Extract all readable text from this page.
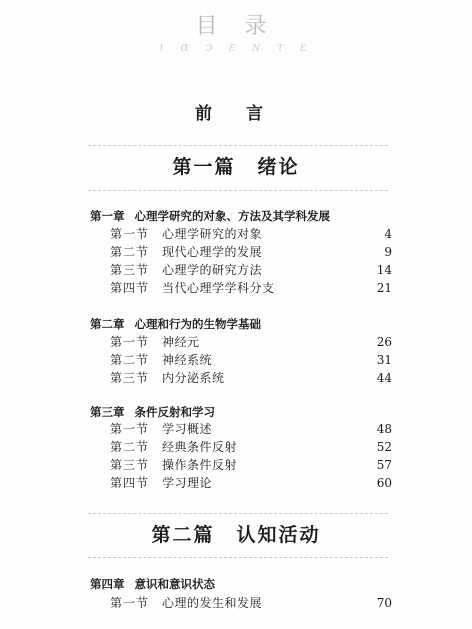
目 录
ι ɑ ɔ ε ɴ τ ε
前 言
第一篇 绪论
第一章 心理学研究的对象、方法及其学科发展
第一节 心理学研究的对象	4
第二节 现代心理学的发展	9
第三节 心理学的研究方法	14
第四节 当代心理学学科分支	21
第二章 心理和行为的生物学基础
第一节 神经元	26
第二节 神经系统	31
第三节 内分泌系统	44
第三章 条件反射和学习
第一节 学习概述	48
第二节 经典条件反射	52
第三节 操作条件反射	57
第四节 学习理论	60
第二篇 认知活动
第四章 意识和意识状态
第一节 心理的发生和发展	70
